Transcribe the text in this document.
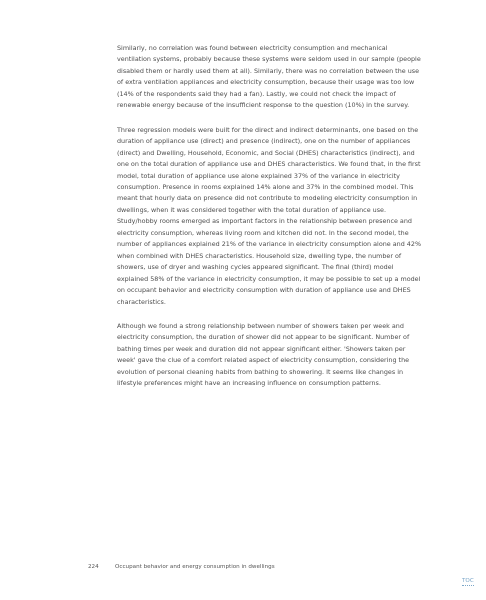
Similarly, no correlation was found between electricity consumption and mechanical ventilation systems, probably because these systems were seldom used in our sample (people disabled them or hardly used them at all). Similarly, there was no correlation between the use of extra ventilation appliances and electricity consumption, because their usage was too low (14% of the respondents said they had a fan). Lastly, we could not check the impact of renewable energy because of the insufficient response to the question (10%) in the survey.

Three regression models were built for the direct and indirect determinants, one based on the duration of appliance use (direct) and presence (indirect), one on the number of appliances (direct) and Dwelling, Household, Economic, and Social (DHES) characteristics (indirect), and one on the total duration of appliance use and DHES characteristics. We found that, in the first model, total duration of appliance use alone explained 37% of the variance in electricity consumption. Presence in rooms explained 14% alone and 37% in the combined model. This meant that hourly data on presence did not contribute to modeling electricity consumption in dwellings, when it was considered together with the total duration of appliance use. Study/hobby rooms emerged as important factors in the relationship between presence and electricity consumption, whereas living room and kitchen did not. In the second model, the number of appliances explained 21% of the variance in electricity consumption alone and 42% when combined with DHES characteristics. Household size, dwelling type, the number of showers, use of dryer and washing cycles appeared significant. The final (third) model explained 58% of the variance in electricity consumption, it may be possible to set up a model on occupant behavior and electricity consumption with duration of appliance use and DHES characteristics.

Although we found a strong relationship between number of showers taken per week and electricity consumption, the duration of shower did not appear to be significant. Number of bathing times per week and duration did not appear significant either. 'Showers taken per week' gave the clue of a comfort related aspect of electricity consumption, considering the evolution of personal cleaning habits from bathing to showering. It seems like changes in lifestyle preferences might have an increasing influence on consumption patterns.

224	Occupant behavior and energy consumption in dwellings
TOC
